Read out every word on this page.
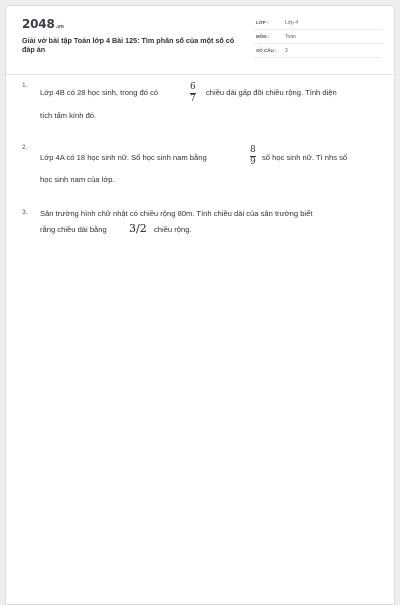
2048.vn
Giải vở bài tập Toán lớp 4 Bài 125: Tìm phân số của một số có đáp án
LỚP :	Lớp 4
MÔN :	Toán
SỐ CÂU : 3
1.
Lớp 4B có 28 học sinh, trong đó có
6
7
chiều dài gấp đôi chiều rộng. Tính diện
tích tấm kính đó.
2.
Lớp 4A có 18 học sinh nữ. Số học sinh nam bằng
8
9 số học sinh nữ. Tì nhs số
học sinh nam của lớp.
3. Sân trường hình chữ nhật có chiều rộng 80m. Tính chiều dài của sân trường biết
rằng chiều dài bằng 3/2 chiều rộng.
